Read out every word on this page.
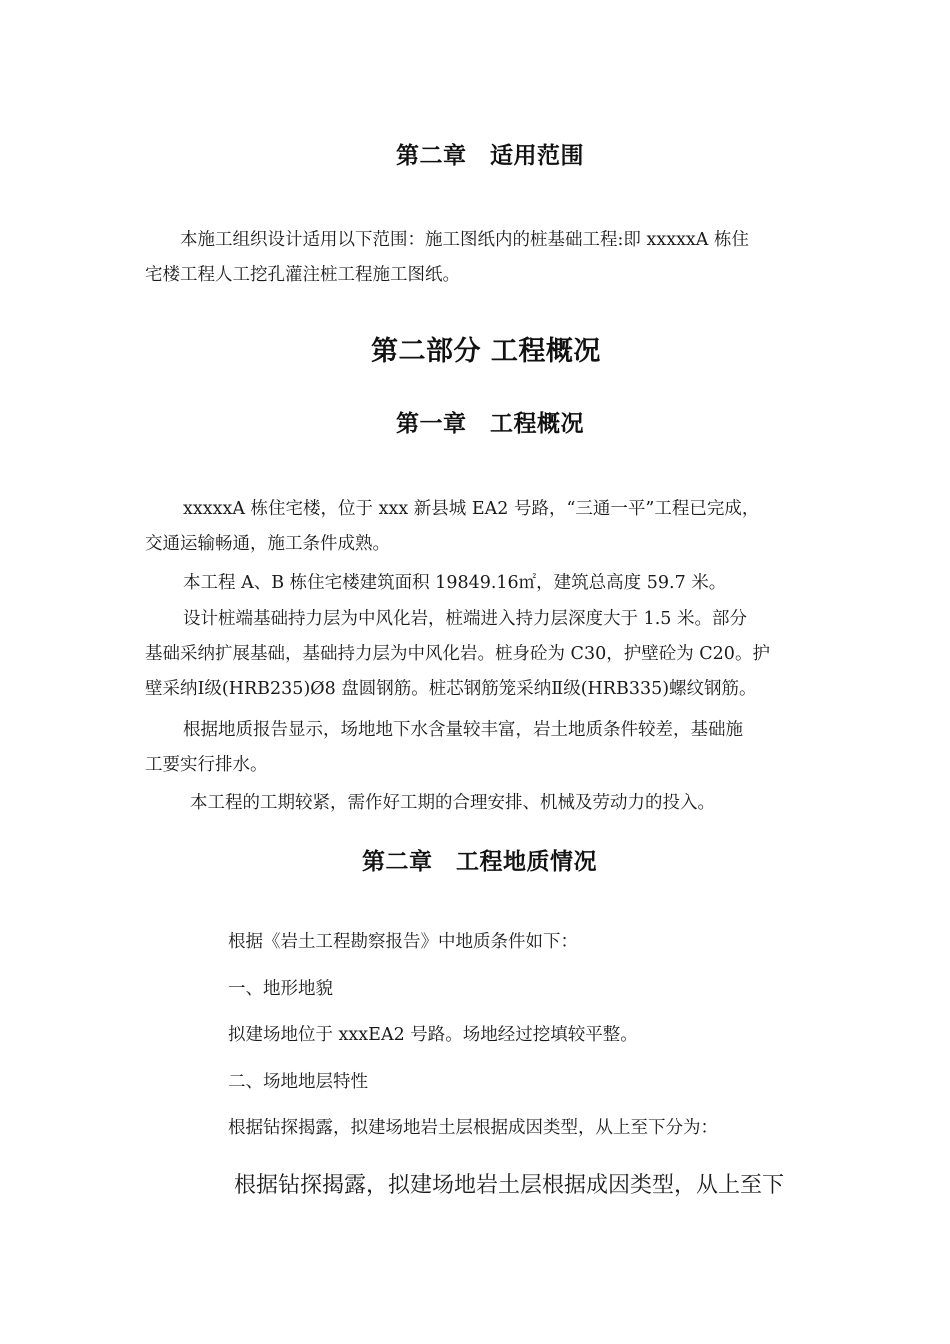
第二章　适用范围
本施工组织设计适用以下范围：施工图纸内的桩基础工程:即 xxxxxA 栋住
宅楼工程人工挖孔灌注桩工程施工图纸。
第二部分 工程概况
第一章　工程概况
xxxxxA 栋住宅楼，位于 xxx 新县城 EA2 号路，“三通一平”工程已完成，
交通运输畅通，施工条件成熟。
本工程 A、B 栋住宅楼建筑面积 19849.16㎡，建筑总高度 59.7 米。
设计桩端基础持力层为中风化岩，桩端进入持力层深度大于 1.5 米。部分
基础采纳扩展基础，基础持力层为中风化岩。桩身砼为 C30，护壁砼为 C20。护
壁采纳Ⅰ级(HRB235)Ø8 盘圆钢筋。桩芯钢筋笼采纳Ⅱ级(HRB335)螺纹钢筋。
根据地质报告显示，场地地下水含量较丰富，岩土地质条件较差，基础施
工要实行排水。
本工程的工期较紧，需作好工期的合理安排、机械及劳动力的投入。
第二章　工程地质情况
根据《岩土工程勘察报告》中地质条件如下：
一、地形地貌
拟建场地位于 xxxEA2 号路。场地经过挖填较平整。
二、场地地层特性
根据钻探揭露，拟建场地岩土层根据成因类型，从上至下分为：
根据钻探揭露，拟建场地岩土层根据成因类型，从上至下
